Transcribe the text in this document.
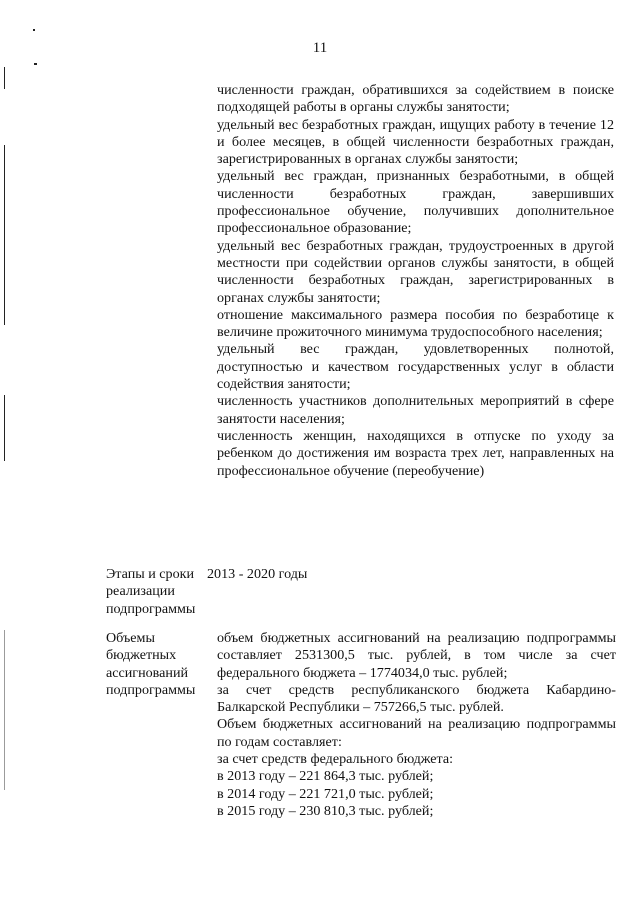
11

численности граждан, обратившихся за содействием в поиске подходящей работы в органы службы занятости;

удельный вес безработных граждан, ищущих работу в течение 12 и более месяцев, в общей численности безработных граждан, зарегистрированных в органах службы занятости;

удельный вес граждан, признанных безработными, в общей численности безработных граждан, завершивших профессиональное обучение, получивших дополнительное профессиональное образование;

удельный вес безработных граждан, трудоустроенных в другой местности при содействии органов службы занятости, в общей численности безработных граждан, зарегистрированных в органах службы занятости;

отношение максимального размера пособия по безработице к величине прожиточного минимума трудоспособного населения;

удельный вес граждан, удовлетворенных полнотой, доступностью и качеством государственных услуг в области содействия занятости;

численность участников дополнительных мероприятий в сфере занятости населения;

численность женщин, находящихся в отпуске по уходу за ребенком до достижения им возраста трех лет, направленных на профессиональное обучение (переобучение)

Этапы и сроки реализации подпрограммы
2013 - 2020 годы
Объемы бюджетных ассигнований подпрограммы

объем бюджетных ассигнований на реализацию подпрограммы составляет 2531300,5 тыс. рублей, в том числе за счет федерального бюджета – 1774034,0 тыс. рублей;

за счет средств республиканского бюджета Кабардино-Балкарской Республики – 757266,5 тыс. рублей.

Объем бюджетных ассигнований на реализацию подпрограммы по годам составляет:

за счет средств федерального бюджета:

в 2013 году – 221 864,3 тыс. рублей;

в 2014 году – 221 721,0 тыс. рублей;

в 2015 году – 230 810,3 тыс. рублей;
